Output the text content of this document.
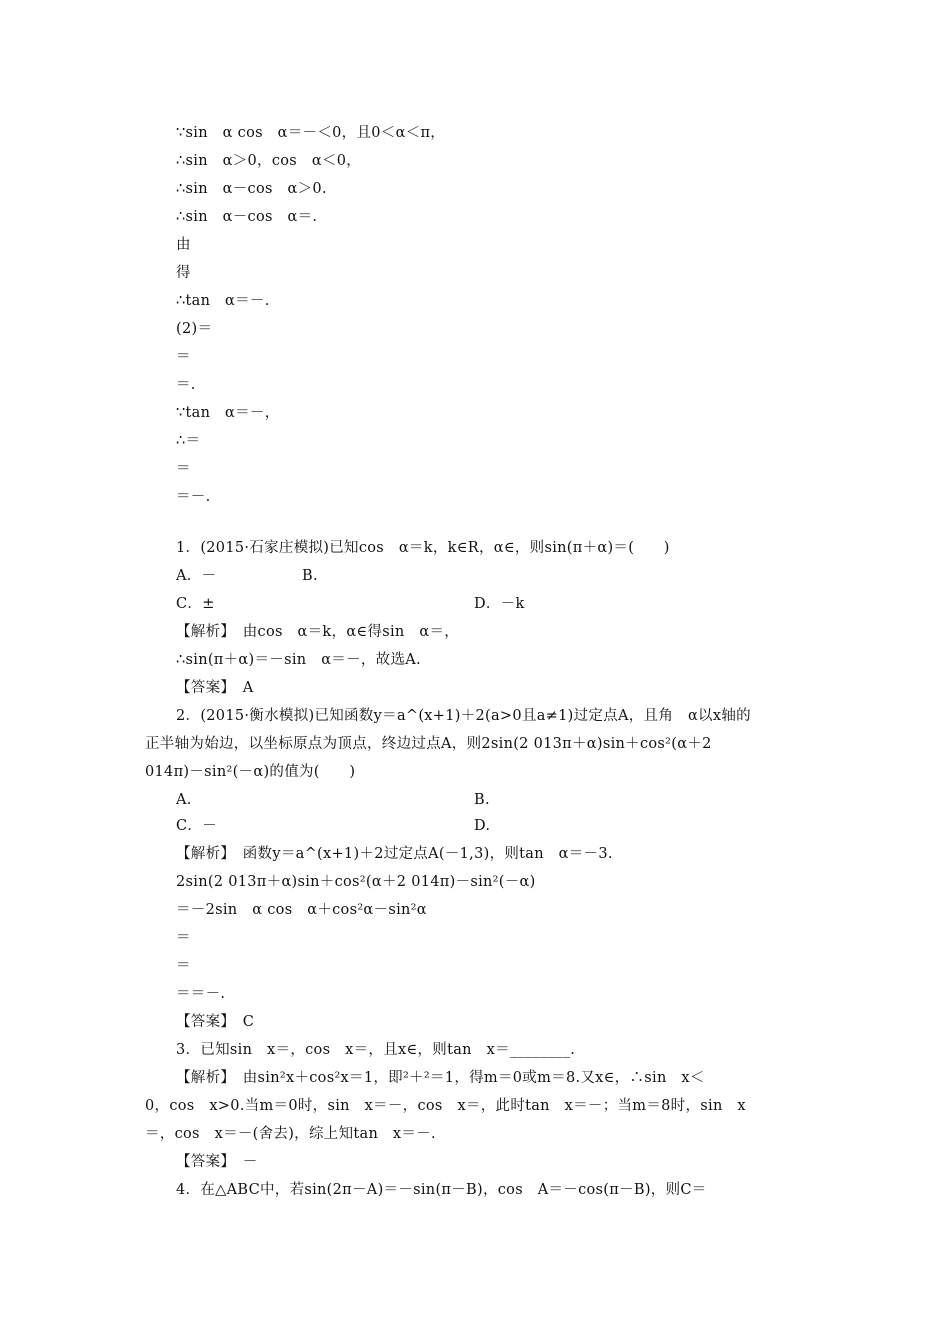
∵sin　α cos　α＝－＜0，且0＜α＜π，
∴sin　α＞0，cos　α＜0，
∴sin　α－cos　α＞0.
∴sin　α－cos　α＝.
由
得
∴tan　α＝－.
(2)＝
＝
＝.
∵tan　α＝－，
∴＝
＝
＝－.
1．(2015·石家庄模拟)已知cos　α＝k，k∈R，α∈，则sin(π＋α)＝(　　)
A．－	B.
C．±	D．－k
【解析】　由cos　α＝k，α∈得sin　α＝，
∴sin(π＋α)＝－sin　α＝－，故选A.
【答案】　A
2．(2015·衡水模拟)已知函数y＝a^(x+1)＋2(a>0且a≠1)过定点A，且角　α以x轴的
正半轴为始边，以坐标原点为顶点，终边过点A，则2sin(2 013π＋α)sin＋cos²(α＋2
014π)－sin²(－α)的值为(　　)
A.	B.
C．－	D.
【解析】　函数y＝a^(x+1)＋2过定点A(－1,3)，则tan　α＝－3.
2sin(2 013π＋α)sin＋cos²(α＋2 014π)－sin²(－α)
＝－2sin　α cos　α＋cos²α－sin²α
＝
＝
＝＝－.
【答案】　C
3．已知sin　x＝，cos　x＝，且x∈，则tan　x＝________.
【解析】　由sin²x＋cos²x＝1，即²＋²＝1，得m＝0或m＝8.又x∈，∴sin　x＜
0，cos　x>0.当m＝0时，sin　x＝－，cos　x＝，此时tan　x＝－；当m＝8时，sin　x
＝，cos　x＝－(舍去)，综上知tan　x＝－.
【答案】　－
4．在△ABC中，若sin(2π－A)＝－sin(π－B)，cos　A＝－cos(π－B)，则C＝
